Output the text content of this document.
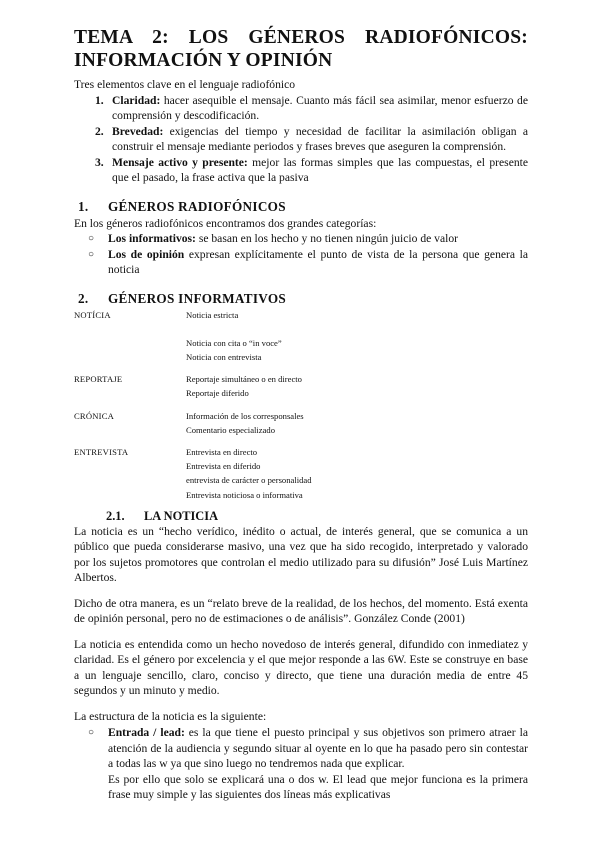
TEMA 2: LOS GÉNEROS RADIOFÓNICOS:
INFORMACIÓN Y OPINIÓN

Tres elementos clave en el lenguaje radiofónico

1. Claridad: hacer asequible el mensaje. Cuanto más fácil sea asimilar, menor esfuerzo de comprensión y descodificación.
2. Brevedad: exigencias del tiempo y necesidad de facilitar la asimilación obligan a construir el mensaje mediante periodos y frases breves que aseguren la comprensión.
3. Mensaje activo y presente: mejor las formas simples que las compuestas, el presente que el pasado, la frase activa que la pasiva
1. GÉNEROS RADIOFÓNICOS

En los géneros radiofónicos encontramos dos grandes categorías:

○ Los informativos: se basan en los hecho y no tienen ningún juicio de valor
○ Los de opinión expresan explícitamente el punto de vista de la persona que genera la noticia
2. GÉNEROS INFORMATIVOS
NOTÍCIA	Noticia estricta
Noticia con cita o “in voce”
Noticia con entrevista
REPORTAJE	Reportaje simultáneo o en directo
Reportaje diferido
CRÓNICA	Información de los corresponsales
Comentario especializado
ENTREVISTA	Entrevista en directo
Entrevista en diferido
entrevista de carácter o personalidad
Entrevista noticiosa o informativa
2.1. LA NOTICIA

La noticia es un “hecho verídico, inédito o actual, de interés general, que se comunica a un público que pueda considerarse masivo, una vez que ha sido recogido, interpretado y valorado por los sujetos promotores que controlan el medio utilizado para su difusión” José Luis Martínez Albertos.

Dicho de otra manera, es un “relato breve de la realidad, de los hechos, del momento. Está exenta de opinión personal, pero no de estimaciones o de análisis”. González Conde (2001)

La noticia es entendida como un hecho novedoso de interés general, difundido con inmediatez y claridad. Es el género por excelencia y el que mejor responde a las 6W. Este se construye en base a un lenguaje sencillo, claro, conciso y directo, que tiene una duración media de entre 45 segundos y un minuto y medio.

La estructura de la noticia es la siguiente:

○ Entrada / lead: es la que tiene el puesto principal y sus objetivos son primero atraer la atención de la audiencia y segundo situar al oyente en lo que ha pasado pero sin contestar a todas las w ya que sino luego no tendremos nada que explicar.
Es por ello que solo se explicará una o dos w. El lead que mejor funciona es la primera frase muy simple y las siguientes dos líneas más explicativas
